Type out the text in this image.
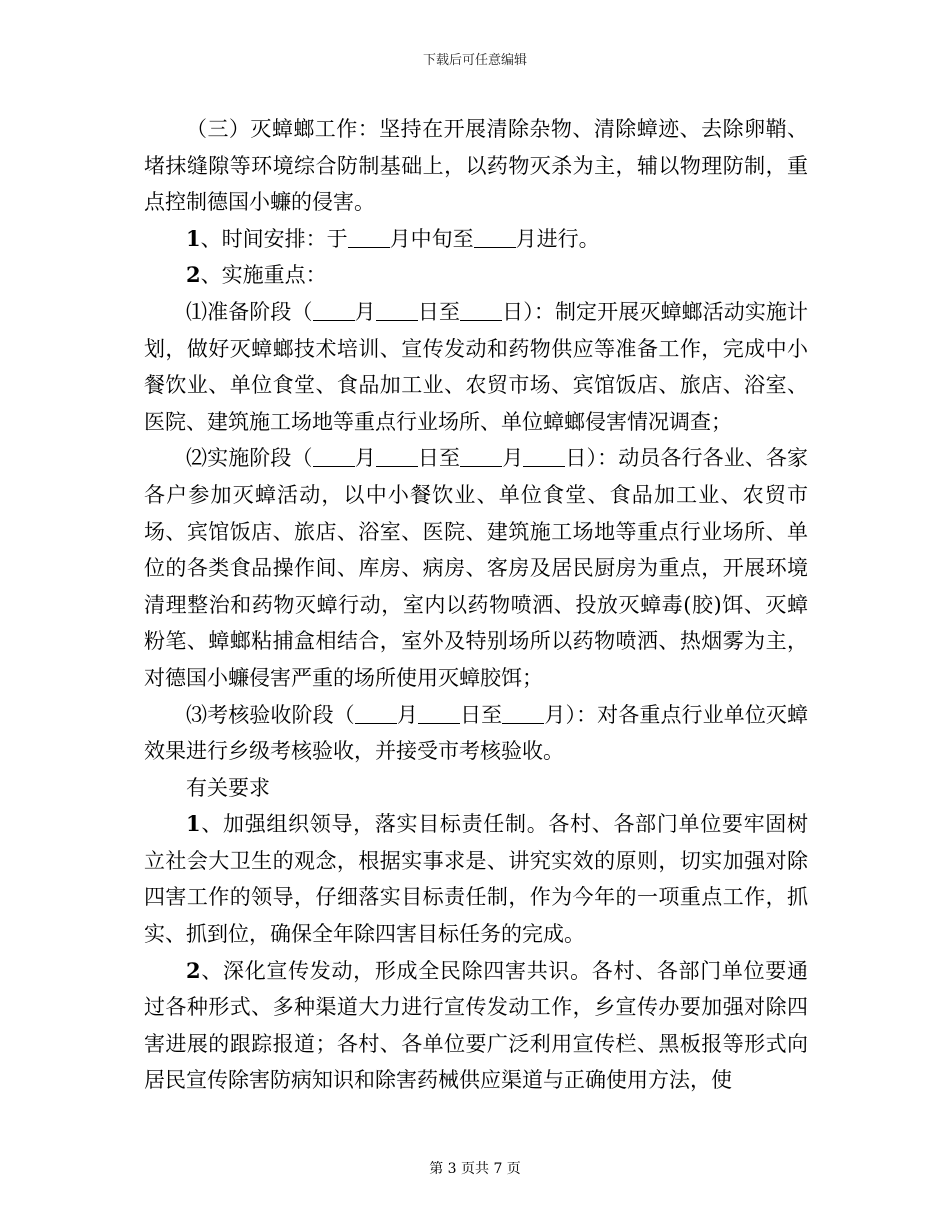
下载后可任意编辑

（三）灭蟑螂工作：坚持在开展清除杂物、清除蟑迹、去除卵鞘、堵抹缝隙等环境综合防制基础上，以药物灭杀为主，辅以物理防制，重点控制德国小蠊的侵害。

1、时间安排：于 月中旬至 月进行。

2、实施重点：

⑴准备阶段（ 月 日至 日）：制定开展灭蟑螂活动实施计划，做好灭蟑螂技术培训、宣传发动和药物供应等准备工作，完成中小餐饮业、单位食堂、食品加工业、农贸市场、宾馆饭店、旅店、浴室、医院、建筑施工场地等重点行业场所、单位蟑螂侵害情况调查；

⑵实施阶段（ 月 日至 月 日）：动员各行各业、各家各户参加灭蟑活动，以中小餐饮业、单位食堂、食品加工业、农贸市场、宾馆饭店、旅店、浴室、医院、建筑施工场地等重点行业场所、单位的各类食品操作间、库房、病房、客房及居民厨房为重点，开展环境清理整治和药物灭蟑行动，室内以药物喷洒、投放灭蟑毒(胶)饵、灭蟑粉笔、蟑螂粘捕盒相结合，室外及特别场所以药物喷洒、热烟雾为主，对德国小蠊侵害严重的场所使用灭蟑胶饵；

⑶考核验收阶段（ 月 日至 月）：对各重点行业单位灭蟑效果进行乡级考核验收，并接受市考核验收。

有关要求

1、加强组织领导，落实目标责任制。各村、各部门单位要牢固树立社会大卫生的观念，根据实事求是、讲究实效的原则，切实加强对除四害工作的领导，仔细落实目标责任制，作为今年的一项重点工作，抓实、抓到位，确保全年除四害目标任务的完成。

2、深化宣传发动，形成全民除四害共识。各村、各部门单位要通过各种形式、多种渠道大力进行宣传发动工作，乡宣传办要加强对除四害进展的跟踪报道；各村、各单位要广泛利用宣传栏、黑板报等形式向居民宣传除害防病知识和除害药械供应渠道与正确使用方法，使

第 3 页共 7 页
